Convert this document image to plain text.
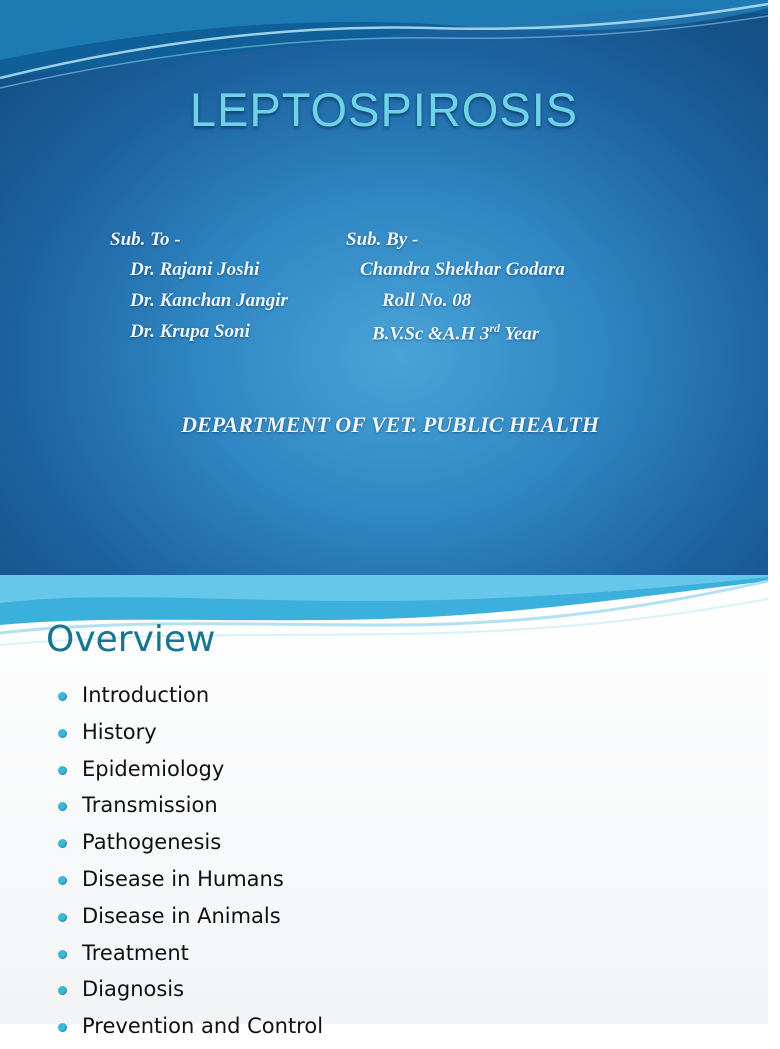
LEPTOSPIROSIS
Sub. To -
Dr. Rajani Joshi
Dr. Kanchan Jangir
Dr. Krupa Soni
Sub. By -
Chandra Shekhar Godara
Roll No. 08
B.V.Sc &A.H 3rd Year
DEPARTMENT OF VET. PUBLIC HEALTH
Overview
Introduction
History
Epidemiology
Transmission
Pathogenesis
Disease in Humans
Disease in Animals
Treatment
Diagnosis
Prevention and Control
